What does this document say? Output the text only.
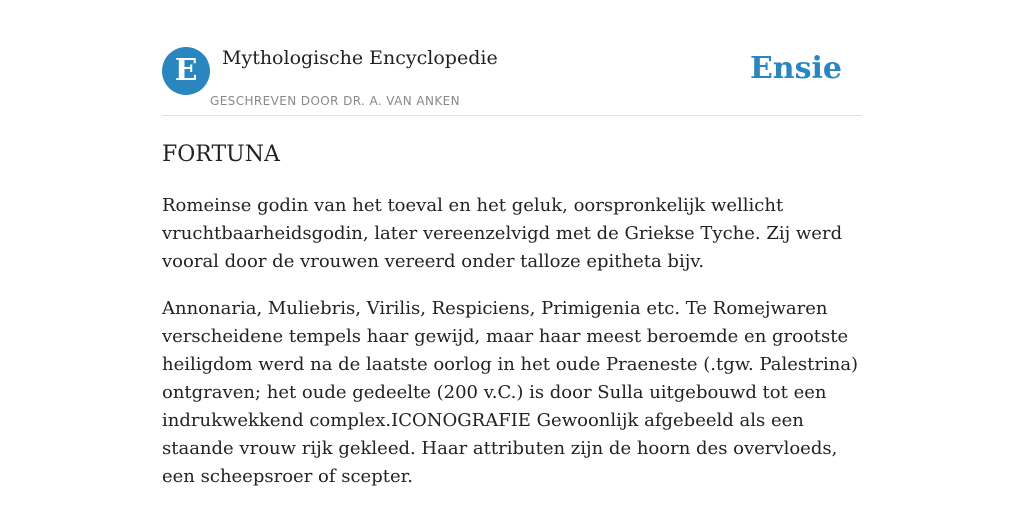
E	Mythologische Encyclopedie
GESCHREVEN DOOR DR. A. VAN ANKEN
Ensie
FORTUNA

Romeinse godin van het toeval en het geluk, oorspronkelijk wellicht vruchtbaarheidsgodin, later vereenzelvigd met de Griekse Tyche. Zij werd vooral door de vrouwen vereerd onder talloze epitheta bijv.

Annonaria, Muliebris, Virilis, Respiciens, Primigenia etc. Te Romejwaren verscheidene tempels haar gewijd, maar haar meest beroemde en grootste heiligdom werd na de laatste oorlog in het oude Praeneste (.tgw. Palestrina) ontgraven; het oude gedeelte (200 v.C.) is door Sulla uitgebouwd tot een indrukwekkend complex.ICONOGRAFIE Gewoonlijk afgebeeld als een staande vrouw rijk gekleed. Haar attributen zijn de hoorn des overvloeds, een scheepsroer of scepter.
